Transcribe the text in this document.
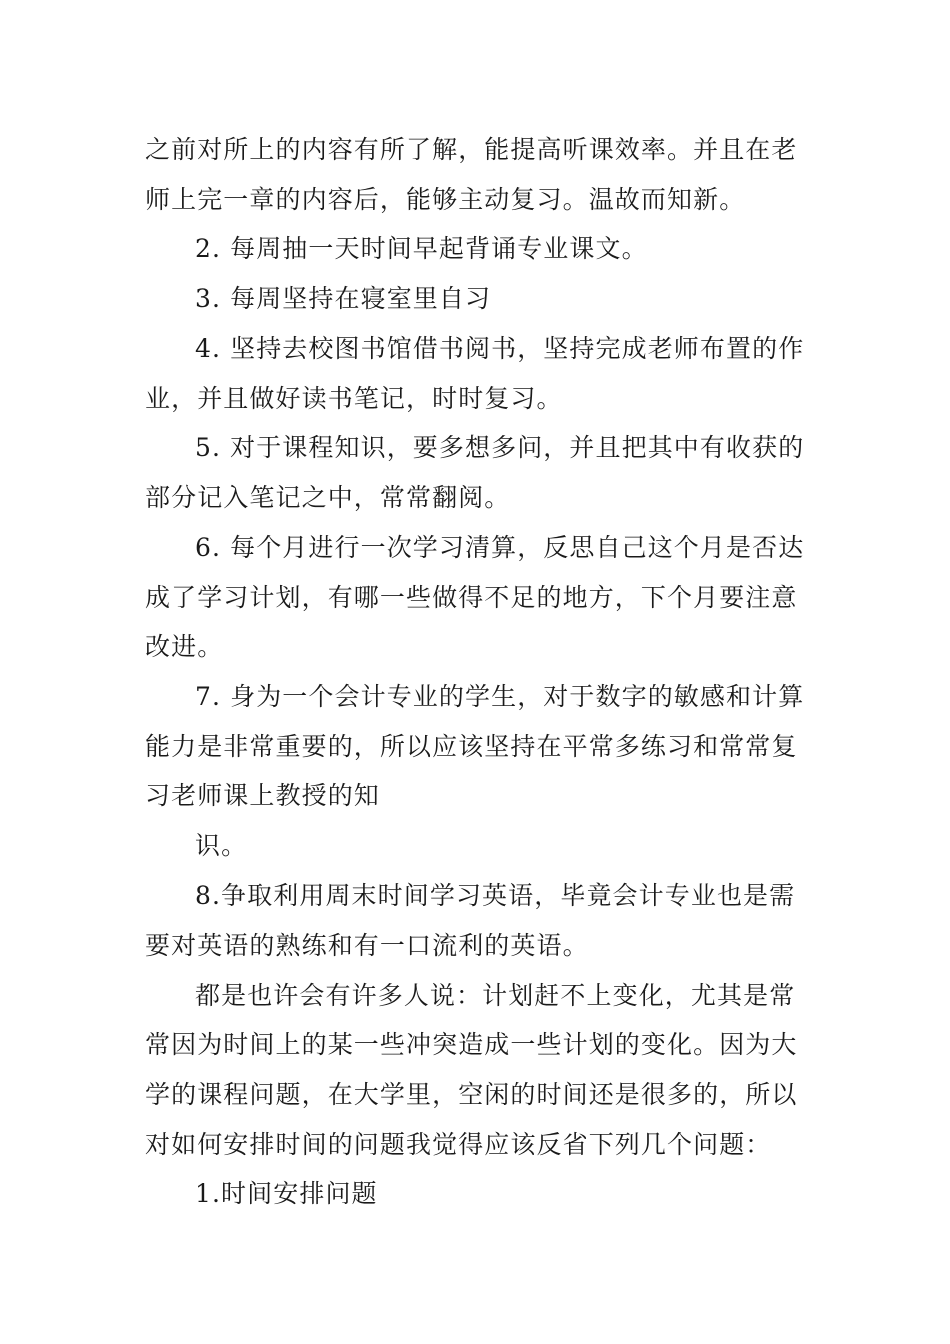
之前对所上的内容有所了解，能提高听课效率。并且在老
师上完一章的内容后，能够主动复习。温故而知新。
2. 每周抽一天时间早起背诵专业课文。
3. 每周坚持在寝室里自习
4. 坚持去校图书馆借书阅书，坚持完成老师布置的作
业，并且做好读书笔记，时时复习。
5. 对于课程知识，要多想多问，并且把其中有收获的
部分记入笔记之中，常常翻阅。
6. 每个月进行一次学习清算，反思自己这个月是否达
成了学习计划，有哪一些做得不足的地方，下个月要注意
改进。
7. 身为一个会计专业的学生，对于数字的敏感和计算
能力是非常重要的，所以应该坚持在平常多练习和常常复
习老师课上教授的知
识。
8.争取利用周末时间学习英语，毕竟会计专业也是需
要对英语的熟练和有一口流利的英语。
都是也许会有许多人说：计划赶不上变化，尤其是常
常因为时间上的某一些冲突造成一些计划的变化。因为大
学的课程问题，在大学里，空闲的时间还是很多的，所以
对如何安排时间的问题我觉得应该反省下列几个问题：
1.时间安排问题
